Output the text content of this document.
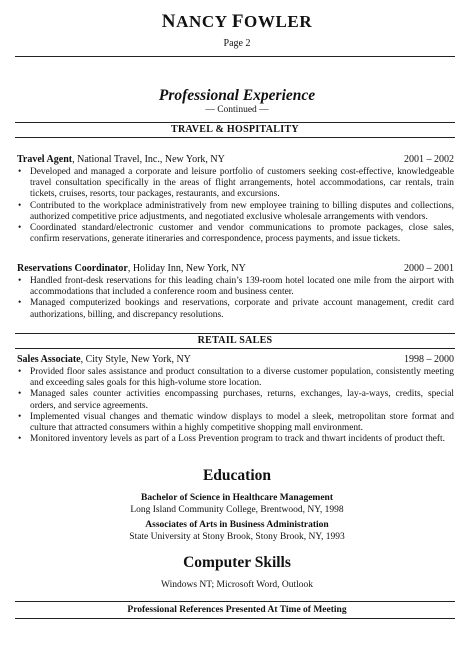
NANCY FOWLER
Page 2
Professional Experience
— Continued —
TRAVEL & HOSPITALITY
Travel Agent, National Travel, Inc., New York, NY	2001 – 2002
• Developed and managed a corporate and leisure portfolio of customers seeking cost-effective, knowledgeable travel consultation specifically in the areas of flight arrangements, hotel accommodations, car rentals, train tickets, cruises, resorts, tour packages, restaurants, and excursions.
• Contributed to the workplace administratively from new employee training to billing disputes and collections, authorized competitive price adjustments, and negotiated exclusive wholesale arrangements with vendors.
• Coordinated standard/electronic customer and vendor communications to promote packages, close sales, confirm reservations, generate itineraries and correspondence, process payments, and issue tickets.
Reservations Coordinator, Holiday Inn, New York, NY	2000 – 2001
• Handled front-desk reservations for this leading chain’s 139-room hotel located one mile from the airport with accommodations that included a conference room and business center.
• Managed computerized bookings and reservations, corporate and private account management, credit card authorizations, billing, and discrepancy resolutions.
RETAIL SALES
Sales Associate, City Style, New York, NY	1998 – 2000
• Provided floor sales assistance and product consultation to a diverse customer population, consistently meeting and exceeding sales goals for this high-volume store location.
• Managed sales counter activities encompassing purchases, returns, exchanges, lay-a-ways, credits, special orders, and service agreements.
• Implemented visual changes and thematic window displays to model a sleek, metropolitan store format and culture that attracted consumers within a highly competitive shopping mall environment.
• Monitored inventory levels as part of a Loss Prevention program to track and thwart incidents of product theft.
Education
Bachelor of Science in Healthcare Management
Long Island Community College, Brentwood, NY, 1998
Associates of Arts in Business Administration
State University at Stony Brook, Stony Brook, NY, 1993
Computer Skills
Windows NT; Microsoft Word, Outlook
Professional References Presented At Time of Meeting
